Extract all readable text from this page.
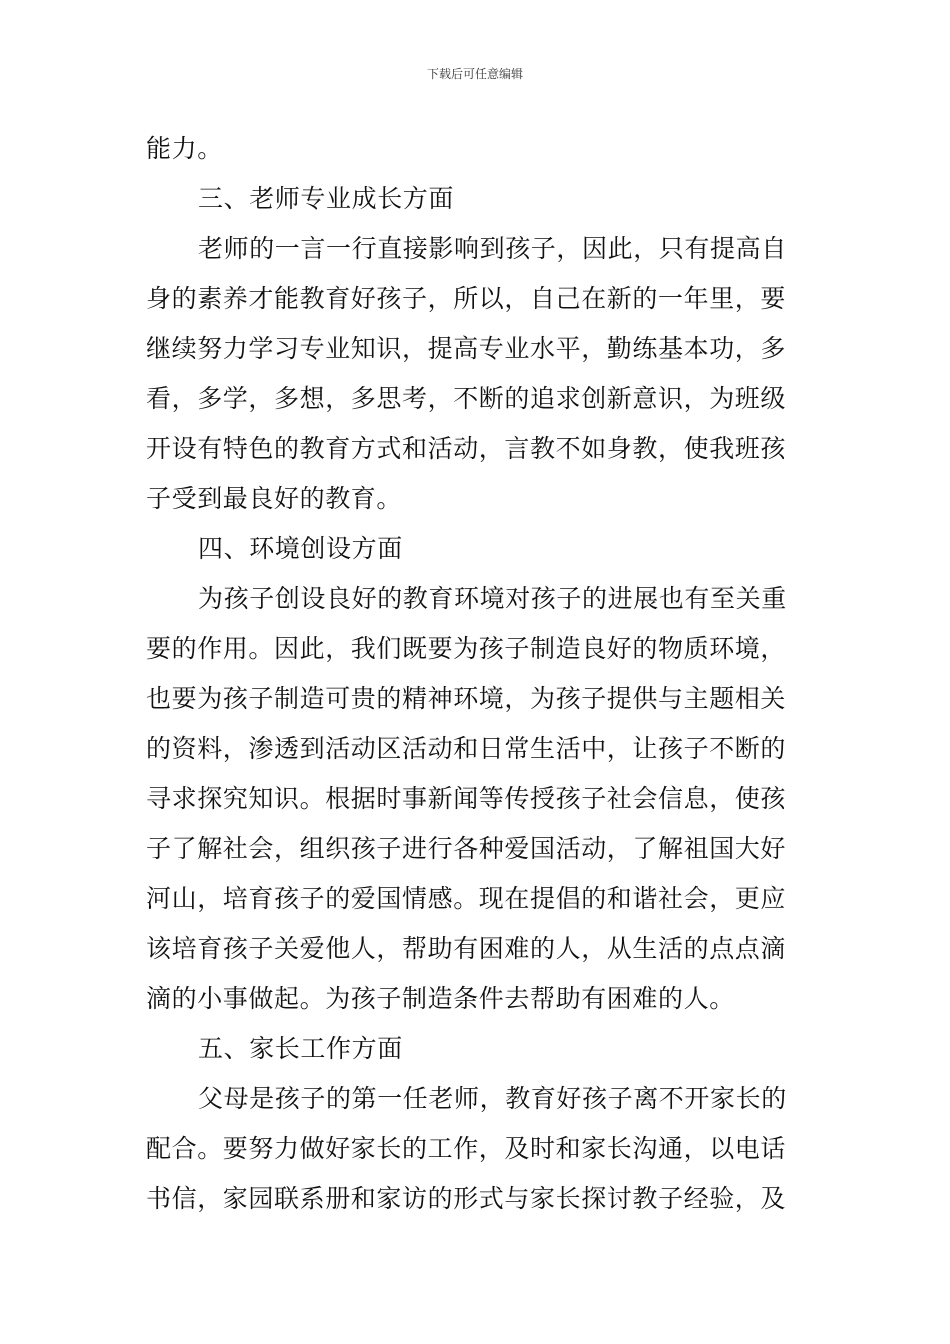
下载后可任意编辑
能力。
三、老师专业成长方面
老师的一言一行直接影响到孩子，因此，只有提高自
身的素养才能教育好孩子，所以，自己在新的一年里，要
继续努力学习专业知识，提高专业水平，勤练基本功，多
看，多学，多想，多思考，不断的追求创新意识，为班级
开设有特色的教育方式和活动，言教不如身教，使我班孩
子受到最良好的教育。
四、环境创设方面
为孩子创设良好的教育环境对孩子的进展也有至关重
要的作用。因此，我们既要为孩子制造良好的物质环境，
也要为孩子制造可贵的精神环境，为孩子提供与主题相关
的资料，渗透到活动区活动和日常生活中，让孩子不断的
寻求探究知识。根据时事新闻等传授孩子社会信息，使孩
子了解社会，组织孩子进行各种爱国活动，了解祖国大好
河山，培育孩子的爱国情感。现在提倡的和谐社会，更应
该培育孩子关爱他人，帮助有困难的人，从生活的点点滴
滴的小事做起。为孩子制造条件去帮助有困难的人。
五、家长工作方面
父母是孩子的第一任老师，教育好孩子离不开家长的
配合。要努力做好家长的工作，及时和家长沟通，以电话
书信，家园联系册和家访的形式与家长探讨教子经验，及
